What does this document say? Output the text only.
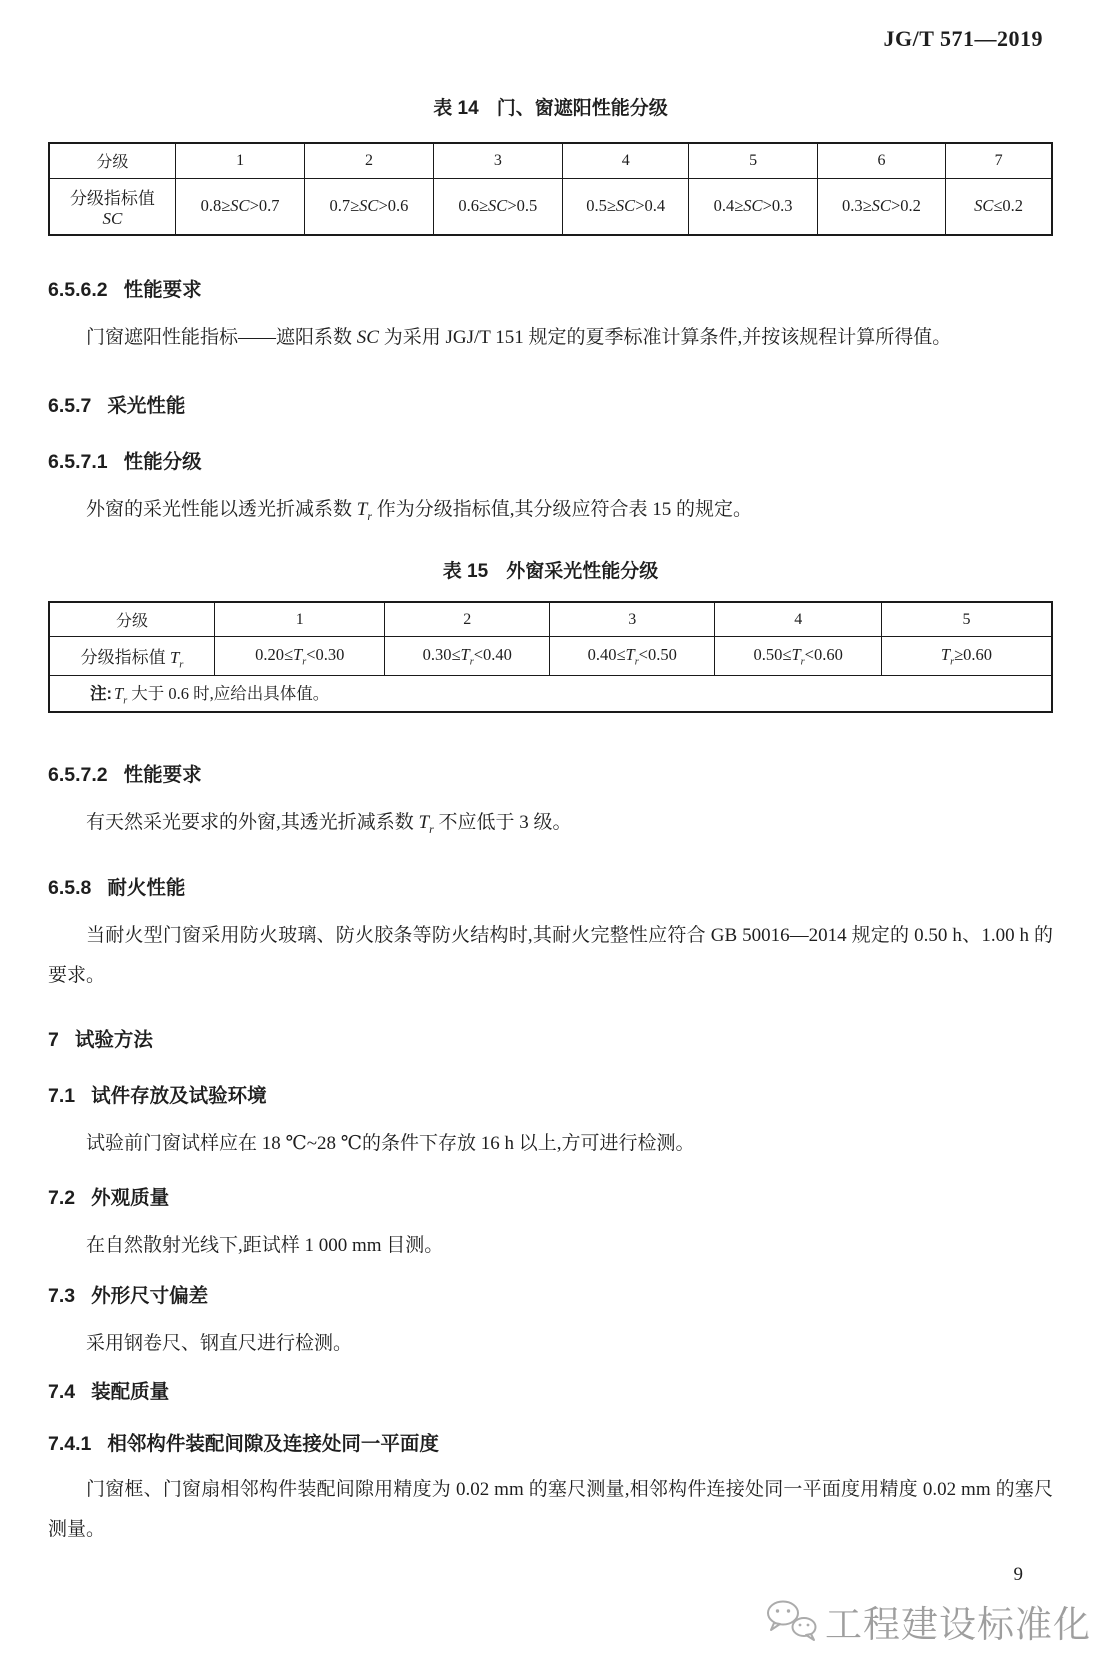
JG/T 571—2019
表 14 门、窗遮阳性能分级
分级	1	2	3	4	5	6	7

分级指标值
SC	0.8≥SC>0.7	0.7≥SC>0.6	0.6≥SC>0.5	0.5≥SC>0.4	0.4≥SC>0.3	0.3≥SC>0.2	SC≤0.2
6.5.6.2 性能要求

门窗遮阳性能指标——遮阳系数 SC 为采用 JGJ/T 151 规定的夏季标准计算条件,并按该规程计算所得值。

6.5.7 采光性能
6.5.7.1 性能分级

外窗的采光性能以透光折减系数 $T_r$ 作为分级指标值,其分级应符合表 15 的规定。

表 15 外窗采光性能分级
分级	1	2	3	4	5
分级指标值 $T_r$	$0.20\le T_r<0.30$	$0.30\le T_r<0.40$	$0.40\le T_r<0.50$	$0.50\le T_r<0.60$	$T_r\ge 0.60$
注: $T_r$ 大于 0.6 时,应给出具体值。					
6.5.7.2 性能要求

有天然采光要求的外窗,其透光折减系数 $T_r$ 不应低于 3 级。

6.5.8 耐火性能

当耐火型门窗采用防火玻璃、防火胶条等防火结构时,其耐火完整性应符合 GB 50016—2014 规定的 0.50 h、1.00 h 的要求。

7 试验方法
7.1 试件存放及试验环境

试验前门窗试样应在 18 ℃~28 ℃的条件下存放 16 h 以上,方可进行检测。

7.2 外观质量

在自然散射光线下,距试样 1 000 mm 目测。

7.3 外形尺寸偏差

采用钢卷尺、钢直尺进行检测。

7.4 装配质量
7.4.1 相邻构件装配间隙及连接处同一平面度

门窗框、门窗扇相邻构件装配间隙用精度为 0.02 mm 的塞尺测量,相邻构件连接处同一平面度用精度 0.02 mm 的塞尺测量。

9
工程建设标准化
